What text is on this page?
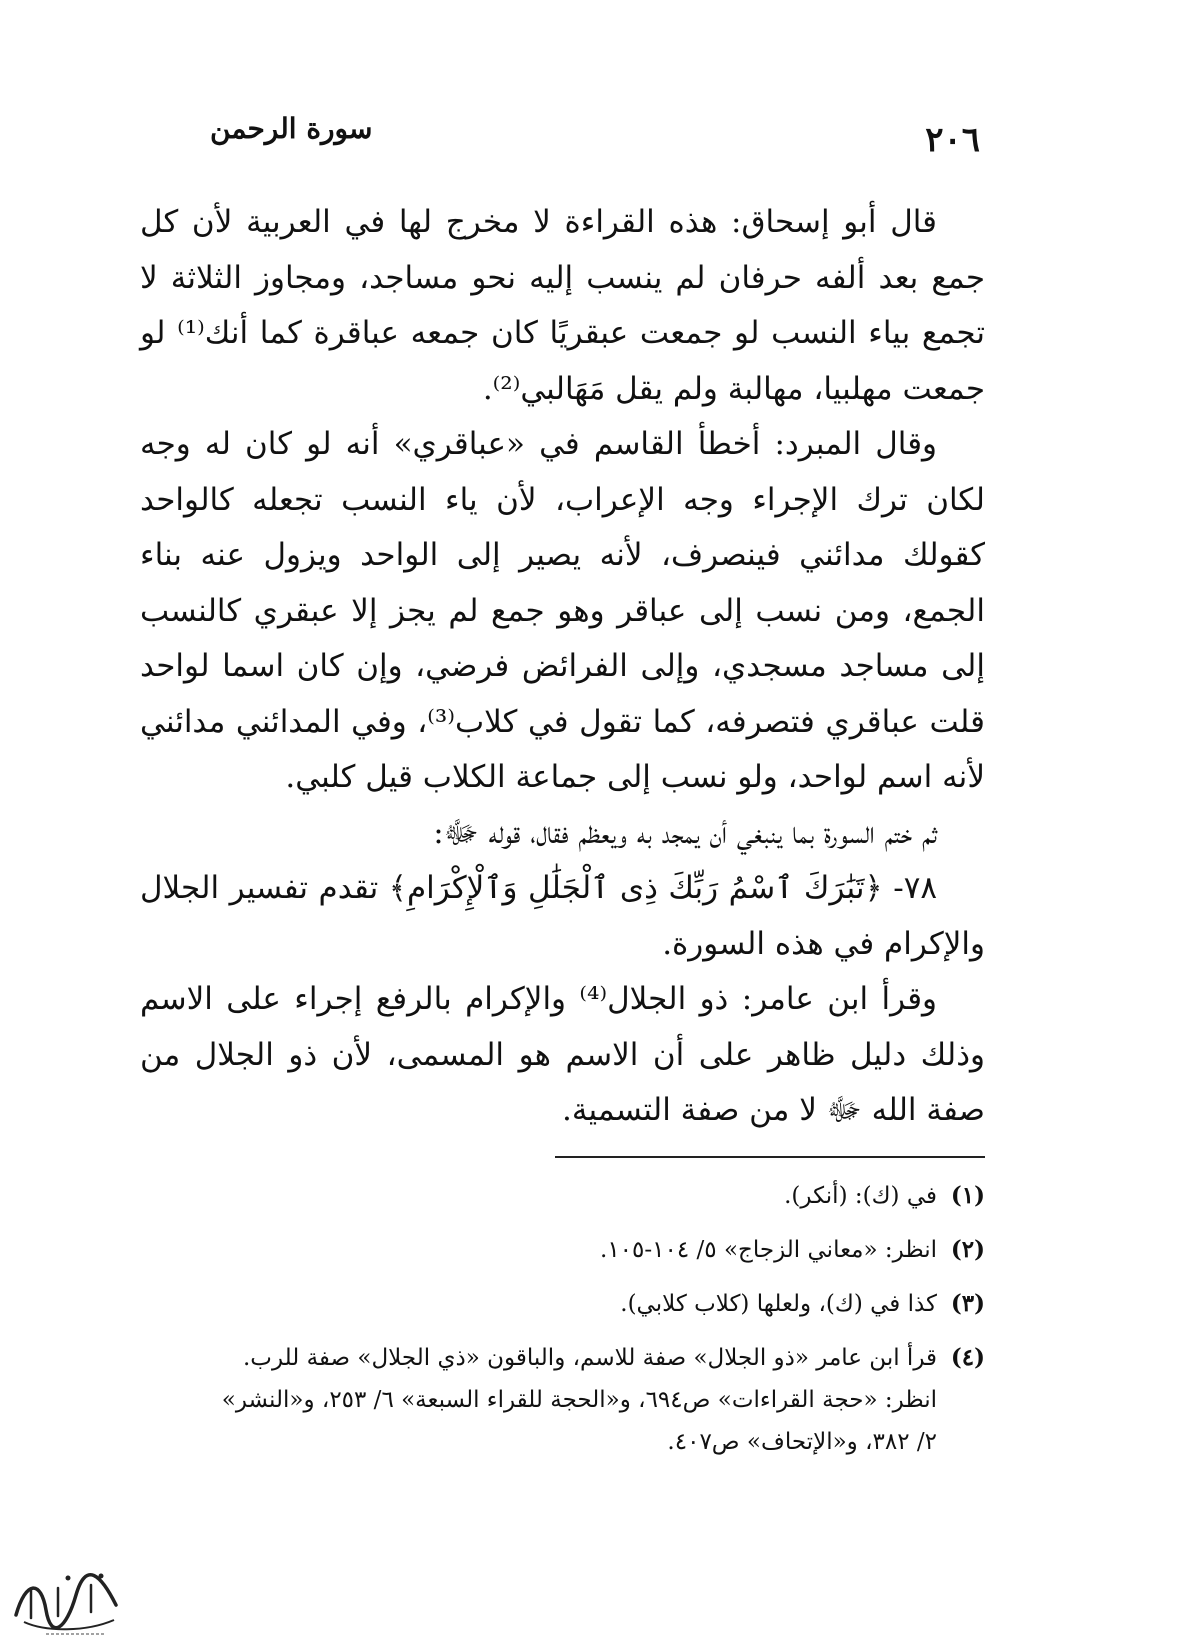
٢٠٦
سورة الرحمن

قال أبو إسحاق: هذه القراءة لا مخرج لها في العربية لأن كل جمع بعد ألفه حرفان لم ينسب إليه نحو مساجد، ومجاوز الثلاثة لا تجمع بياء النسب لو جمعت عبقريًا كان جمعه عباقرة كما أنك⁽¹⁾ لو جمعت مهلبيا، مهالبة ولم يقل مَهَالبي⁽²⁾.

وقال المبرد: أخطأ القاسم في «عباقري» أنه لو كان له وجه لكان ترك الإجراء وجه الإعراب، لأن ياء النسب تجعله كالواحد كقولك مدائني فينصرف، لأنه يصير إلى الواحد ويزول عنه بناء الجمع، ومن نسب إلى عباقر وهو جمع لم يجز إلا عبقري كالنسب إلى مساجد مسجدي، وإلى الفرائض فرضي، وإن كان اسما لواحد قلت عباقري فتصرفه، كما تقول في كلاب⁽³⁾، وفي المدائني مدائني لأنه اسم لواحد، ولو نسب إلى جماعة الكلاب قيل كلبي.

ثم ختم السورة بما ينبغي أن يمجد به ويعظم فقال، قوله ﷻ:

٧٨- ﴿تَبَٰرَكَ ٱسْمُ رَبِّكَ ذِى ٱلْجَلَٰلِ وَٱلْإِكْرَامِ﴾ تقدم تفسير الجلال والإكرام في هذه السورة.

وقرأ ابن عامر: ذو الجلال⁽⁴⁾ والإكرام بالرفع إجراء على الاسم وذلك دليل ظاهر على أن الاسم هو المسمى، لأن ذو الجلال من صفة الله ﷻ لا من صفة التسمية.

(١)
في (ك): (أنكر).
(٢)
انظر: «معاني الزجاج» ٥/ ١٠٤-١٠٥.
(٣)
كذا في (ك)، ولعلها (كلاب كلابي).
(٤)
قرأ ابن عامر «ذو الجلال» صفة للاسم، والباقون «ذي الجلال» صفة للرب.
انظر: «حجة القراءات» ص٦٩٤، و«الحجة للقراء السبعة» ٦/ ٢٥٣، و«النشر»
٢/ ٣٨٢، و«الإتحاف» ص٤٠٧.
